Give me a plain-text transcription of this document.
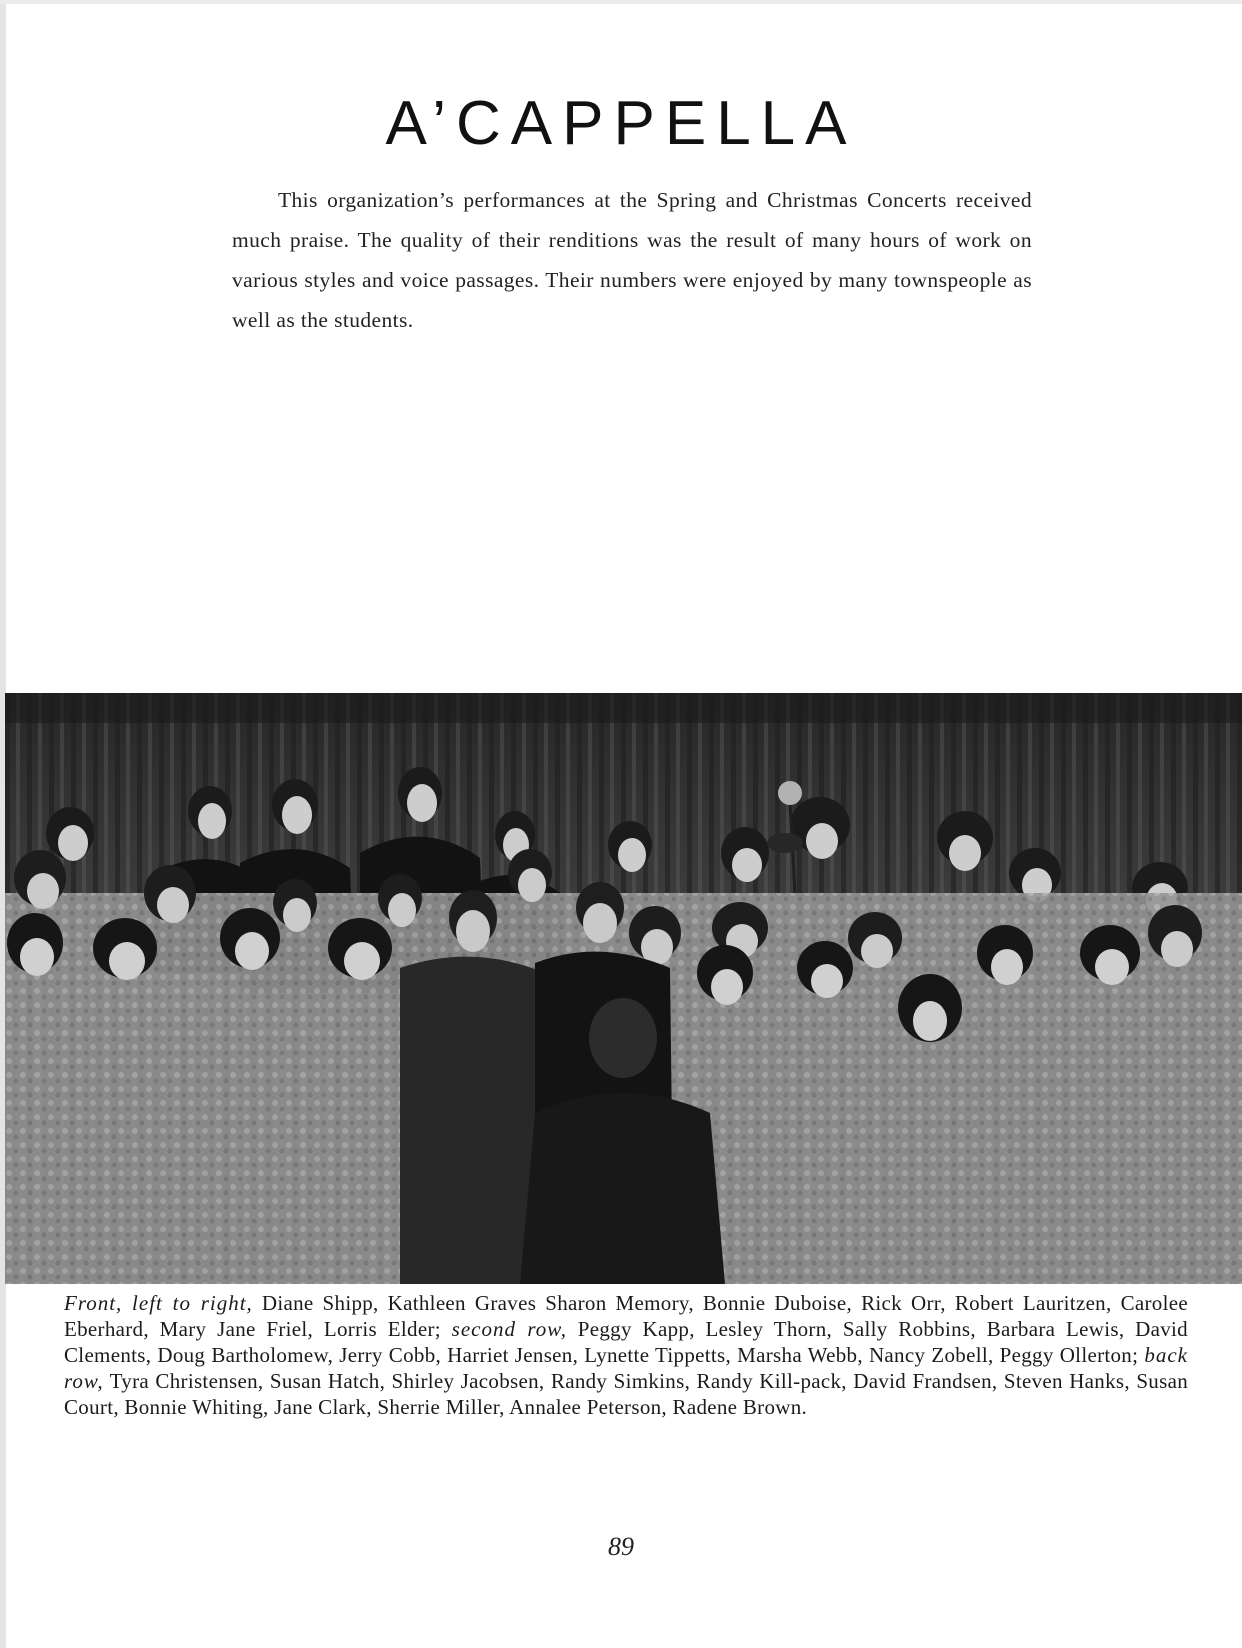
A’CAPPELLA

This organization’s performances at the Spring and Christmas Concerts received much praise. The quality of their renditions was the result of many hours of work on various styles and voice passages. Their numbers were enjoyed by many townspeople as well as the students.

Front, left to right, Diane Shipp, Kathleen Graves Sharon Memory, Bonnie Duboise, Rick Orr, Robert Lauritzen, Carolee Eberhard, Mary Jane Friel, Lorris Elder; second row, Peggy Kapp, Lesley Thorn, Sally Robbins, Barbara Lewis, David Clements, Doug Bartholomew, Jerry Cobb, Harriet Jensen, Lynette Tippetts, Marsha Webb, Nancy Zobell, Peggy Ollerton; back row, Tyra Christensen, Susan Hatch, Shirley Jacobsen, Randy Simkins, Randy Kill-pack, David Frandsen, Steven Hanks, Susan Court, Bonnie Whiting, Jane Clark, Sherrie Miller, Annalee Peterson, Radene Brown.

89
